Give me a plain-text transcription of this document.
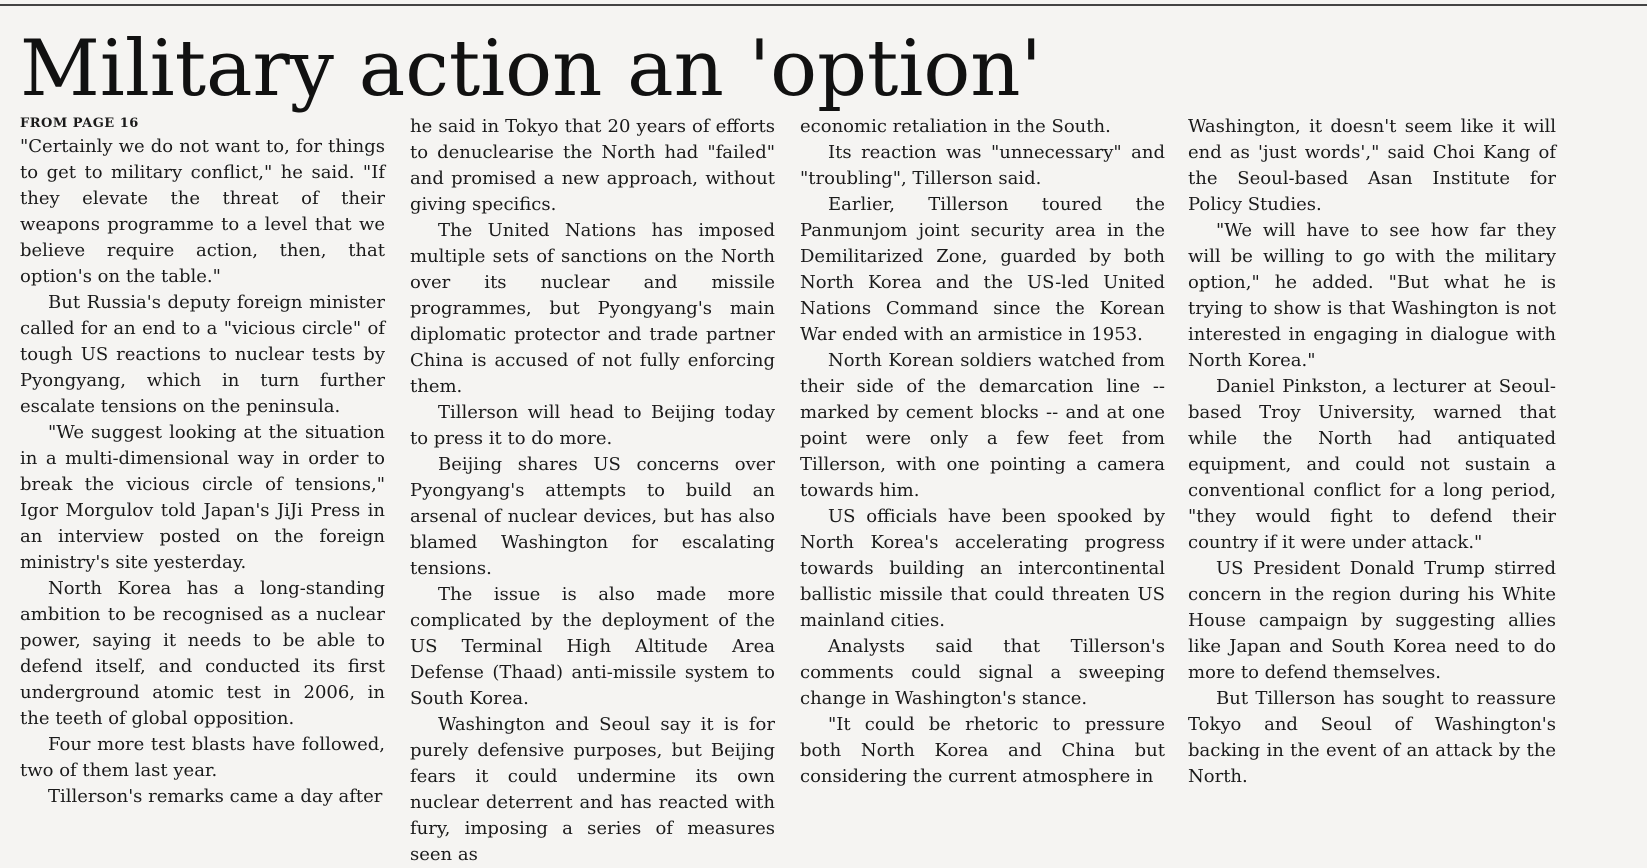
Military action an 'option'

FROM PAGE 16

"Certainly we do not want to, for things to get to military conflict," he said. "If they elevate the threat of their weapons programme to a level that we believe require action, then, that option's on the table."

But Russia's deputy foreign minister called for an end to a "vicious circle" of tough US reactions to nuclear tests by Pyongyang, which in turn further escalate tensions on the peninsula.

"We suggest looking at the situation in a multi-dimensional way in order to break the vicious circle of tensions," Igor Morgulov told Japan's JiJi Press in an interview posted on the foreign ministry's site yesterday.

North Korea has a long-standing ambition to be recognised as a nuclear power, saying it needs to be able to defend itself, and conducted its first underground atomic test in 2006, in the teeth of global opposition.

Four more test blasts have followed, two of them last year.

Tillerson's remarks came a day after

he said in Tokyo that 20 years of efforts to denuclearise the North had "failed" and promised a new approach, without giving specifics.

The United Nations has imposed multiple sets of sanctions on the North over its nuclear and missile programmes, but Pyongyang's main diplomatic protector and trade partner China is accused of not fully enforcing them.

Tillerson will head to Beijing today to press it to do more.

Beijing shares US concerns over Pyongyang's attempts to build an arsenal of nuclear devices, but has also blamed Washington for escalating tensions.

The issue is also made more complicated by the deployment of the US Terminal High Altitude Area Defense (Thaad) anti-missile system to South Korea.

Washington and Seoul say it is for purely defensive purposes, but Beijing fears it could undermine its own nuclear deterrent and has reacted with fury, imposing a series of measures seen as

economic retaliation in the South.

Its reaction was "unnecessary" and "troubling", Tillerson said.

Earlier, Tillerson toured the Panmunjom joint security area in the Demilitarized Zone, guarded by both North Korea and the US-led United Nations Command since the Korean War ended with an armistice in 1953.

North Korean soldiers watched from their side of the demarcation line -- marked by cement blocks -- and at one point were only a few feet from Tillerson, with one pointing a camera towards him.

US officials have been spooked by North Korea's accelerating progress towards building an intercontinental ballistic missile that could threaten US mainland cities.

Analysts said that Tillerson's comments could signal a sweeping change in Washington's stance.

"It could be rhetoric to pressure both North Korea and China but considering the current atmosphere in

Washington, it doesn't seem like it will end as 'just words'," said Choi Kang of the Seoul-based Asan Institute for Policy Studies.

"We will have to see how far they will be willing to go with the military option," he added. "But what he is trying to show is that Washington is not interested in engaging in dialogue with North Korea."

Daniel Pinkston, a lecturer at Seoul-based Troy University, warned that while the North had antiquated equipment, and could not sustain a conventional conflict for a long period, "they would fight to defend their country if it were under attack."

US President Donald Trump stirred concern in the region during his White House campaign by suggesting allies like Japan and South Korea need to do more to defend themselves.

But Tillerson has sought to reassure Tokyo and Seoul of Washington's backing in the event of an attack by the North.
